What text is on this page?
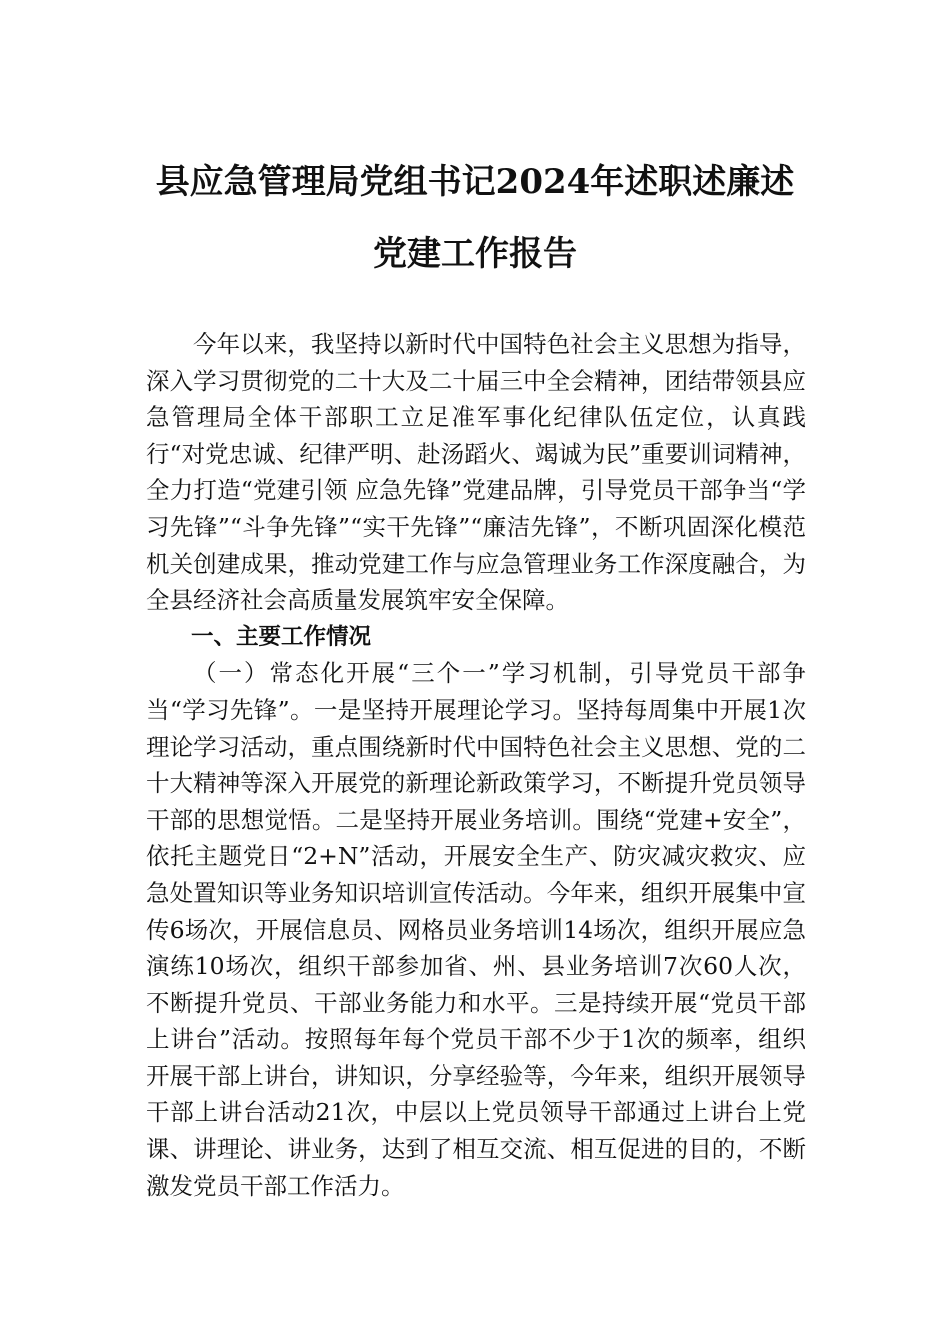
县应急管理局党组书记2024年述职述廉述
党建工作报告

今年以来，我坚持以新时代中国特色社会主义思想为指导，深入学习贯彻党的二十大及二十届三中全会精神，团结带领县应急管理局全体干部职工立足准军事化纪律队伍定位，认真践行“对党忠诚、纪律严明、赴汤蹈火、竭诚为民”重要训词精神，全力打造“党建引领 应急先锋”党建品牌，引导党员干部争当“学习先锋”“斗争先锋”“实干先锋”“廉洁先锋”，不断巩固深化模范机关创建成果，推动党建工作与应急管理业务工作深度融合，为全县经济社会高质量发展筑牢安全保障。

一、主要工作情况

（一）常态化开展“三个一”学习机制，引导党员干部争当“学习先锋”。一是坚持开展理论学习。坚持每周集中开展1次理论学习活动，重点围绕新时代中国特色社会主义思想、党的二十大精神等深入开展党的新理论新政策学习，不断提升党员领导干部的思想觉悟。二是坚持开展业务培训。围绕“党建+安全”，依托主题党日“2+N”活动，开展安全生产、防灾减灾救灾、应急处置知识等业务知识培训宣传活动。今年来，组织开展集中宣传6场次，开展信息员、网格员业务培训14场次，组织开展应急演练10场次，组织干部参加省、州、县业务培训7次60人次，不断提升党员、干部业务能力和水平。三是持续开展“党员干部上讲台”活动。按照每年每个党员干部不少于1次的频率，组织开展干部上讲台，讲知识，分享经验等，今年来，组织开展领导干部上讲台活动21次，中层以上党员领导干部通过上讲台上党课、讲理论、讲业务，达到了相互交流、相互促进的目的，不断激发党员干部工作活力。
